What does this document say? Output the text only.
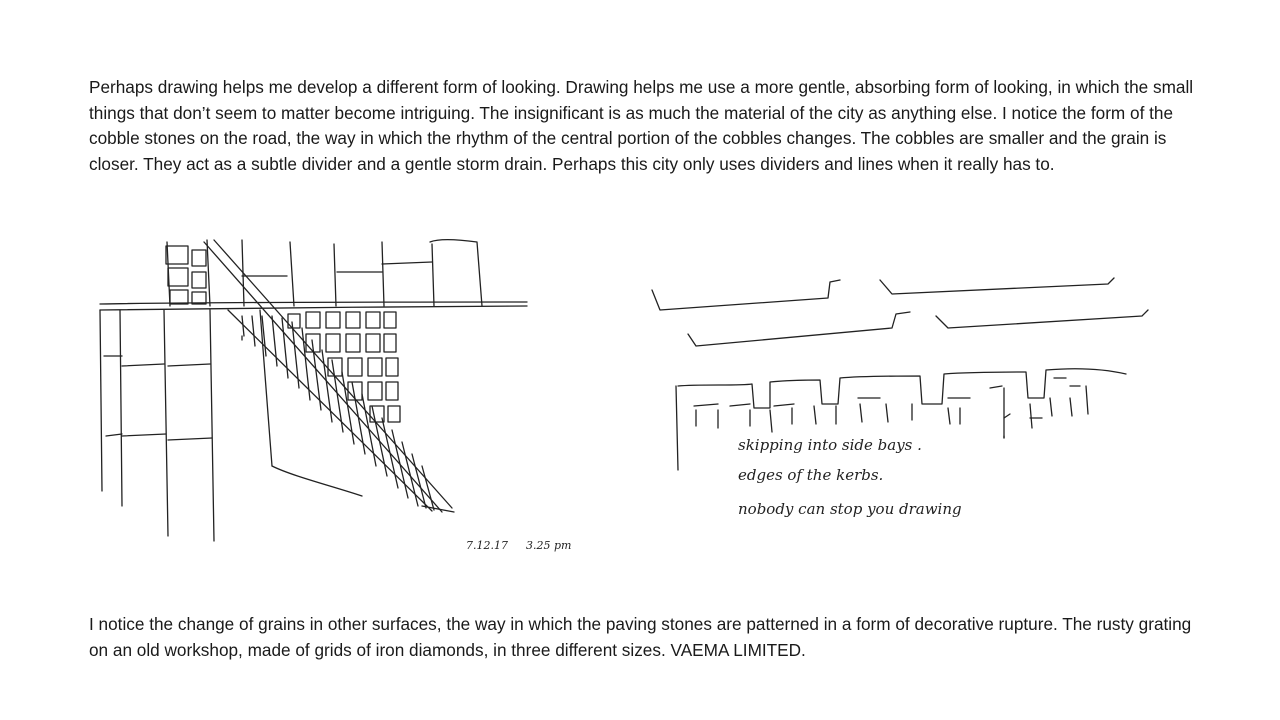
Perhaps drawing helps me develop a different form of looking. Drawing helps me use a more gentle, absorbing form of looking, in which the small things that don’t seem to matter become intriguing. The insignificant is as much the material of the city as anything else. I notice the form of the cobble stones on the road, the way in which the rhythm of the central portion of the cobbles changes. The cobbles are smaller and the grain is closer. They act as a subtle divider and a gentle storm drain. Perhaps this city only uses dividers and lines when it really has to.

7.12.17 3.25 pm
skipping into side bays .
edges of the kerbs.
nobody can stop you drawing

I notice the change of grains in other surfaces, the way in which the paving stones are patterned in a form of decorative rupture. The rusty grating on an old workshop, made of grids of iron diamonds, in three different sizes. VAEMA LIMITED.
